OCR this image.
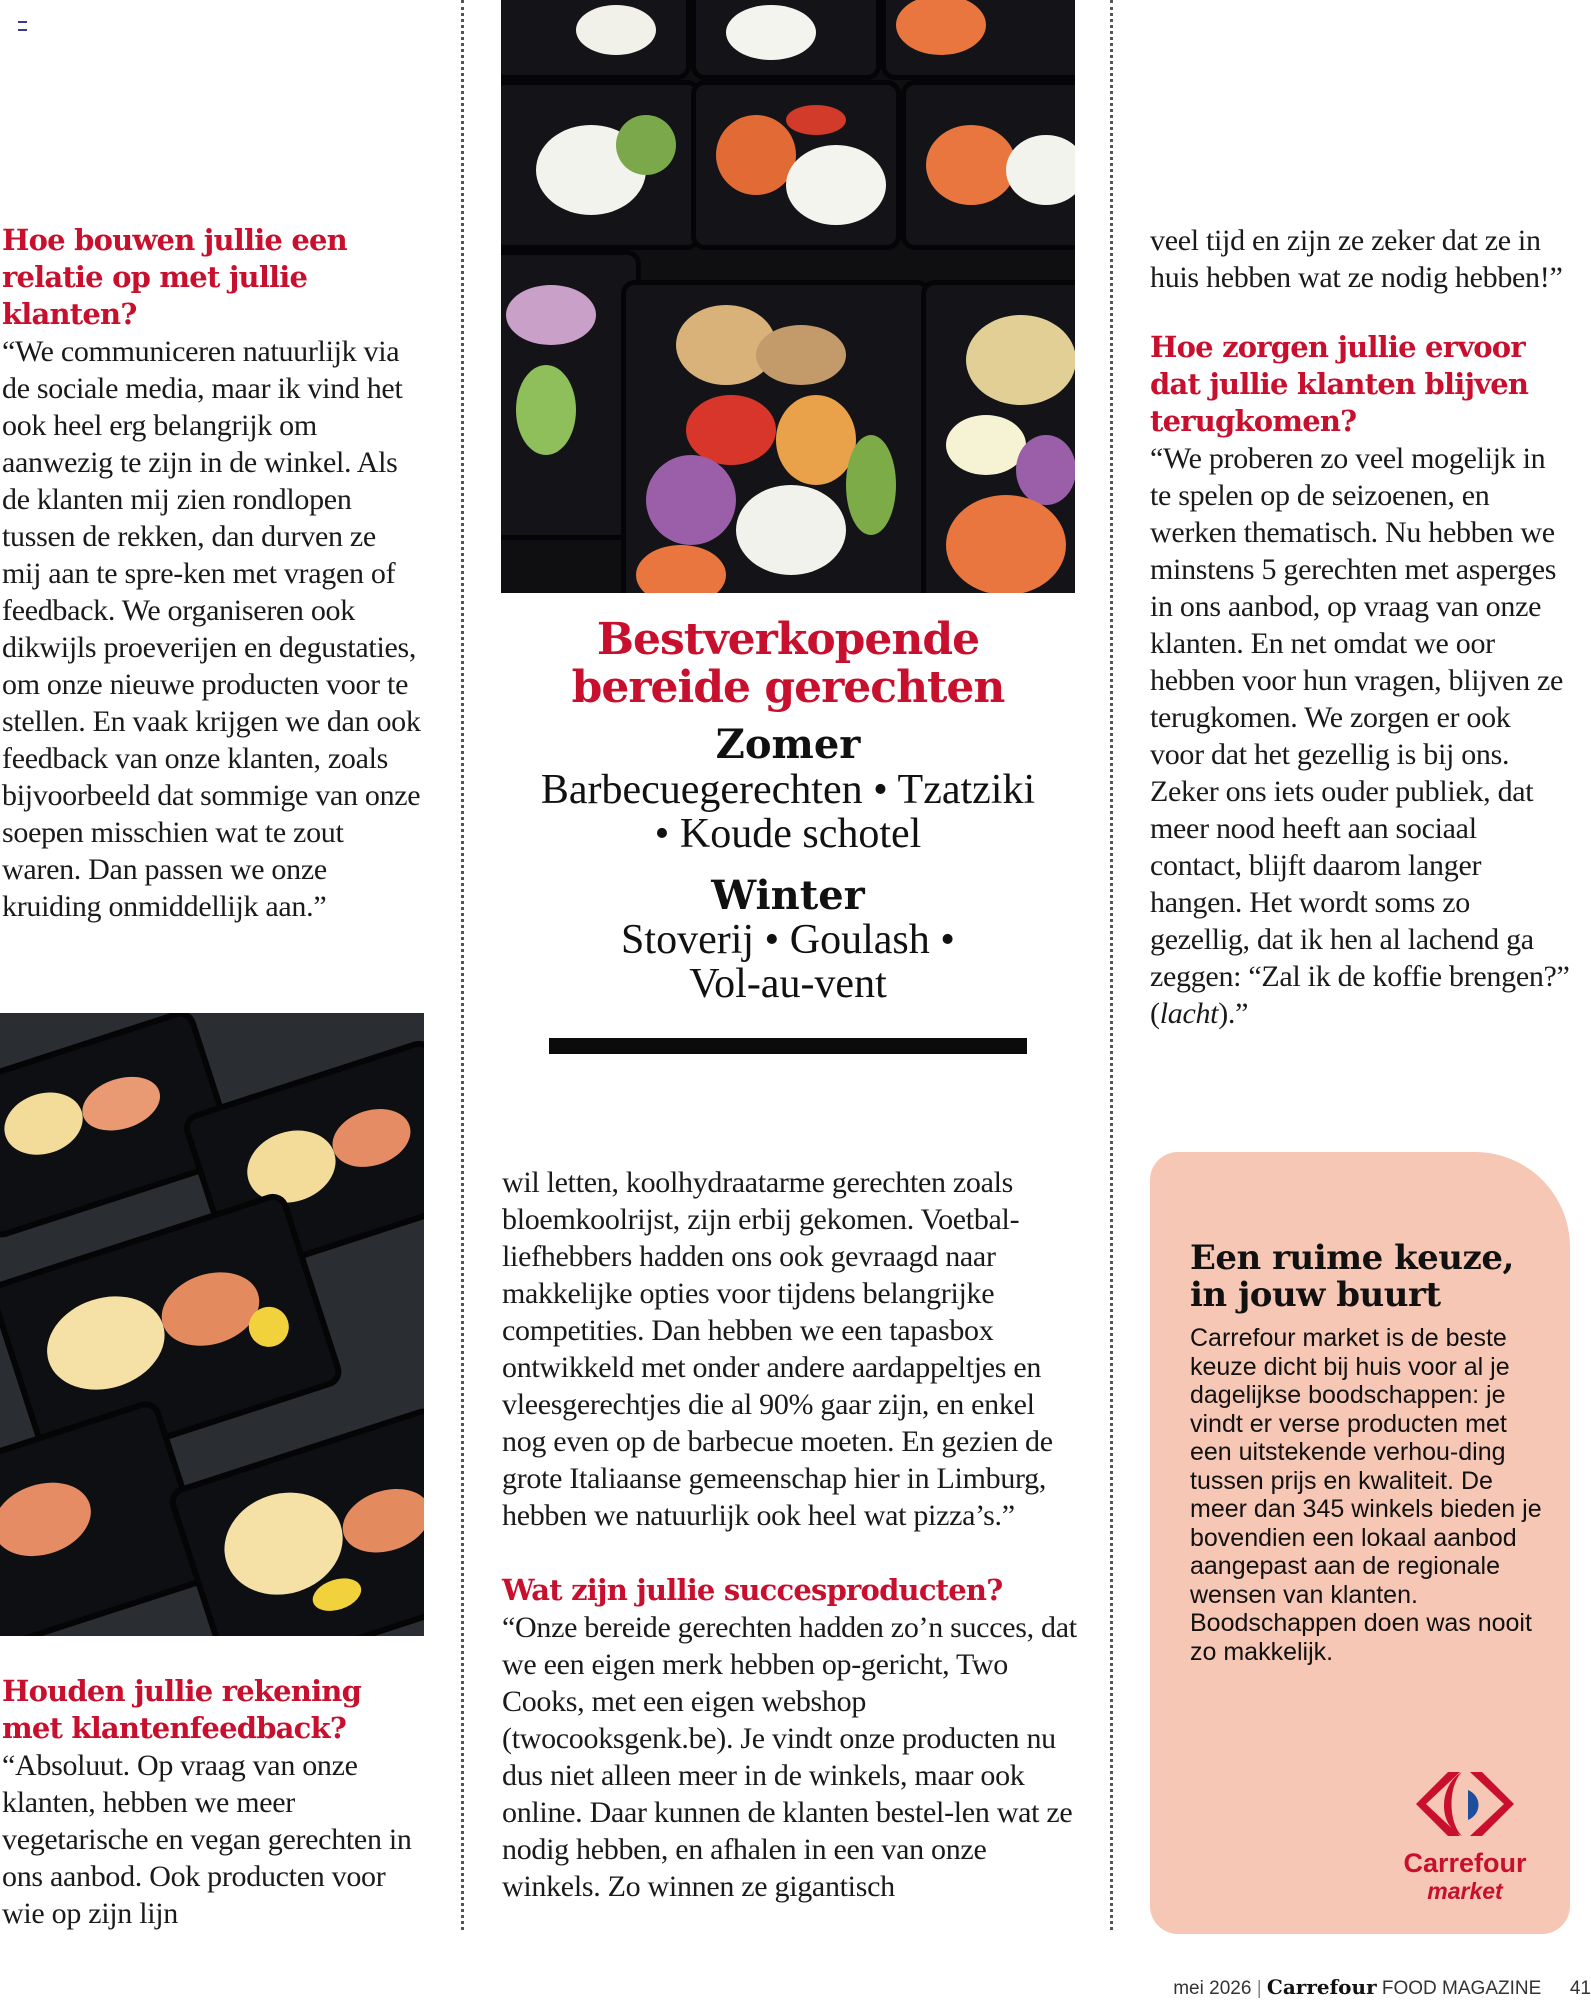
Hoe bouwen jullie een relatie op met jullie klanten?

“We communiceren natuurlijk via de sociale media, maar ik vind het ook heel erg belangrijk om aanwezig te zijn in de winkel. Als de klanten mij zien rondlopen tussen de rekken, dan durven ze mij aan te spre-ken met vragen of feedback. We organiseren ook dikwijls proeverijen en degustaties, om onze nieuwe producten voor te stellen. En vaak krijgen we dan ook feedback van onze klanten, zoals bijvoorbeeld dat sommige van onze soepen misschien wat te zout waren. Dan passen we onze kruiding onmiddellijk aan.”

Houden jullie rekening met klantenfeedback?

“Absoluut. Op vraag van onze klanten, hebben we meer vegetarische en vegan gerechten in ons aanbod. Ook producten voor wie op zijn lijn

Bestverkopende bereide gerechten
Zomer
Barbecuegerechten • Tzatziki • Koude schotel
Winter
Stoverij • Goulash • Vol-au-vent

wil letten, koolhydraatarme gerechten zoals bloemkoolrijst, zijn erbij gekomen. Voetbal-liefhebbers hadden ons ook gevraagd naar makkelijke opties voor tijdens belangrijke competities. Dan hebben we een tapasbox ontwikkeld met onder andere aardappeltjes en vleesgerechtjes die al 90% gaar zijn, en enkel nog even op de barbecue moeten. En gezien de grote Italiaanse gemeenschap hier in Limburg, hebben we natuurlijk ook heel wat pizza’s.”

Wat zijn jullie succesproducten?

“Onze bereide gerechten hadden zo’n succes, dat we een eigen merk hebben op-gericht, Two Cooks, met een eigen webshop (twocooksgenk.be). Je vindt onze producten nu dus niet alleen meer in de winkels, maar ook online. Daar kunnen de klanten bestel-len wat ze nodig hebben, en afhalen in een van onze winkels. Zo winnen ze gigantisch

veel tijd en zijn ze zeker dat ze in huis hebben wat ze nodig hebben!”

Hoe zorgen jullie ervoor dat jullie klanten blijven terugkomen?

“We proberen zo veel mogelijk in te spelen op de seizoenen, en werken thematisch. Nu hebben we minstens 5 gerechten met asperges in ons aanbod, op vraag van onze klanten. En net omdat we oor hebben voor hun vragen, blijven ze terugkomen. We zorgen er ook voor dat het gezellig is bij ons. Zeker ons iets ouder publiek, dat meer nood heeft aan sociaal contact, blijft daarom langer hangen. Het wordt soms zo gezellig, dat ik hen al lachend ga zeggen: “Zal ik de koffie brengen?” (lacht).”

Een ruime keuze, in jouw buurt

Carrefour market is de beste keuze dicht bij huis voor al je dagelijkse boodschappen: je vindt er verse producten met een uitstekende verhou-ding tussen prijs en kwaliteit. De meer dan 345 winkels bieden je bovendien een lokaal aanbod aangepast aan de regionale wensen van klanten. Boodschappen doen was nooit zo makkelijk.

Carrefour
market
mei 2026 | Carrefour FOOD MAGAZINE 41
